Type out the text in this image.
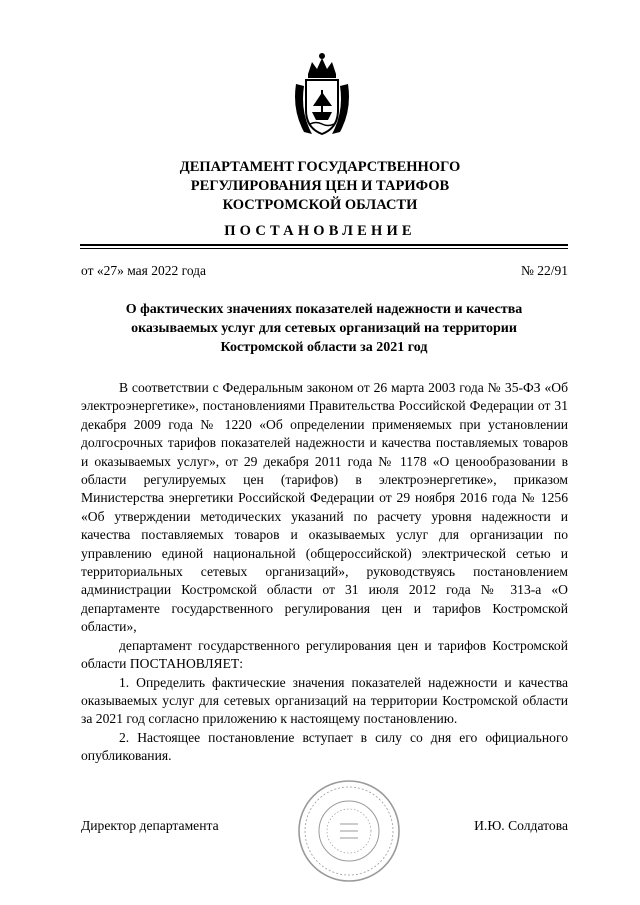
ДЕПАРТАМЕНТ ГОСУДАРСТВЕННОГО
РЕГУЛИРОВАНИЯ ЦЕН И ТАРИФОВ
КОСТРОМСКОЙ ОБЛАСТИ
ПОСТАНОВЛЕНИЕ
от «27» мая 2022 года	№ 22/91
О фактических значениях показателей надежности и качества
оказываемых услуг для сетевых организаций на территории
Костромской области за 2021 год

В соответствии с Федеральным законом от 26 марта 2003 года № 35-ФЗ «Об электроэнергетике», постановлениями Правительства Российской Федерации от 31 декабря 2009 года № 1220 «Об определении применяемых при установлении долгосрочных тарифов показателей надежности и качества поставляемых товаров и оказываемых услуг», от 29 декабря 2011 года № 1178 «О ценообразовании в области регулируемых цен (тарифов) в электроэнергетике», приказом Министерства энергетики Российской Федерации от 29 ноября 2016 года № 1256 «Об утверждении методических указаний по расчету уровня надежности и качества поставляемых товаров и оказываемых услуг для организации по управлению единой национальной (общероссийской) электрической сетью и территориальных сетевых организаций», руководствуясь постановлением администрации Костромской области от 31 июля 2012 года № 313-а «О департаменте государственного регулирования цен и тарифов Костромской области»,

департамент государственного регулирования цен и тарифов Костромской области ПОСТАНОВЛЯЕТ:

1. Определить фактические значения показателей надежности и качества оказываемых услуг для сетевых организаций на территории Костромской области за 2021 год согласно приложению к настоящему постановлению.

2. Настоящее постановление вступает в силу со дня его официального опубликования.

Директор департамента	И.Ю. Солдатова
